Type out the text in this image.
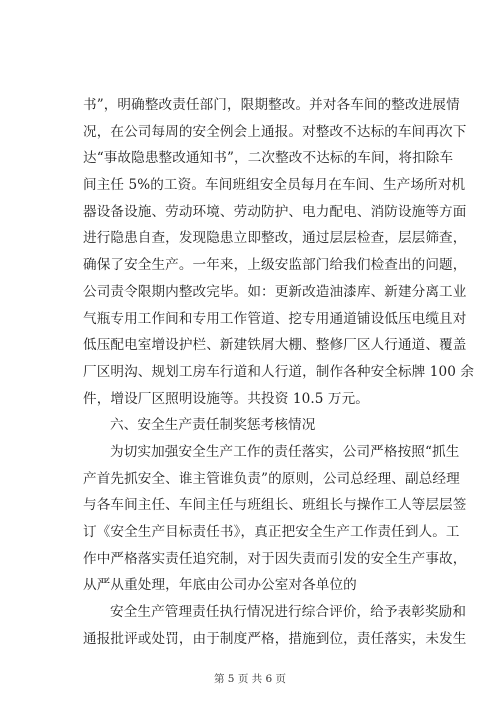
书”，明确整改责任部门，限期整改。并对各车间的整改进展情
况，在公司每周的安全例会上通报。对整改不达标的车间再次下
达“事故隐患整改通知书”，二次整改不达标的车间，将扣除车
间主任 5%的工资。车间班组安全员每月在车间、生产场所对机
器设备设施、劳动环境、劳动防护、电力配电、消防设施等方面
进行隐患自查，发现隐患立即整改，通过层层检查，层层筛查，
确保了安全生产。一年来，上级安监部门给我们检查出的问题，
公司责令限期内整改完毕。如：更新改造油漆库、新建分离工业
气瓶专用工作间和专用工作管道、挖专用通道铺设低压电缆且对
低压配电室增设护栏、新建铁屑大棚、整修厂区人行通道、覆盖
厂区明沟、规划工房车行道和人行道，制作各种安全标牌 100 余
件，增设厂区照明设施等。共投资 10.5 万元。
六、安全生产责任制奖惩考核情况
为切实加强安全生产工作的责任落实，公司严格按照“抓生
产首先抓安全、谁主管谁负责”的原则，公司总经理、副总经理
与各车间主任、车间主任与班组长、班组长与操作工人等层层签
订《安全生产目标责任书》，真正把安全生产工作责任到人。工
作中严格落实责任追究制，对于因失责而引发的安全生产事故，
从严从重处理，年底由公司办公室对各单位的
安全生产管理责任执行情况进行综合评价，给予表彰奖励和
通报批评或处罚，由于制度严格，措施到位，责任落实，未发生
第 5 页 共 6 页
